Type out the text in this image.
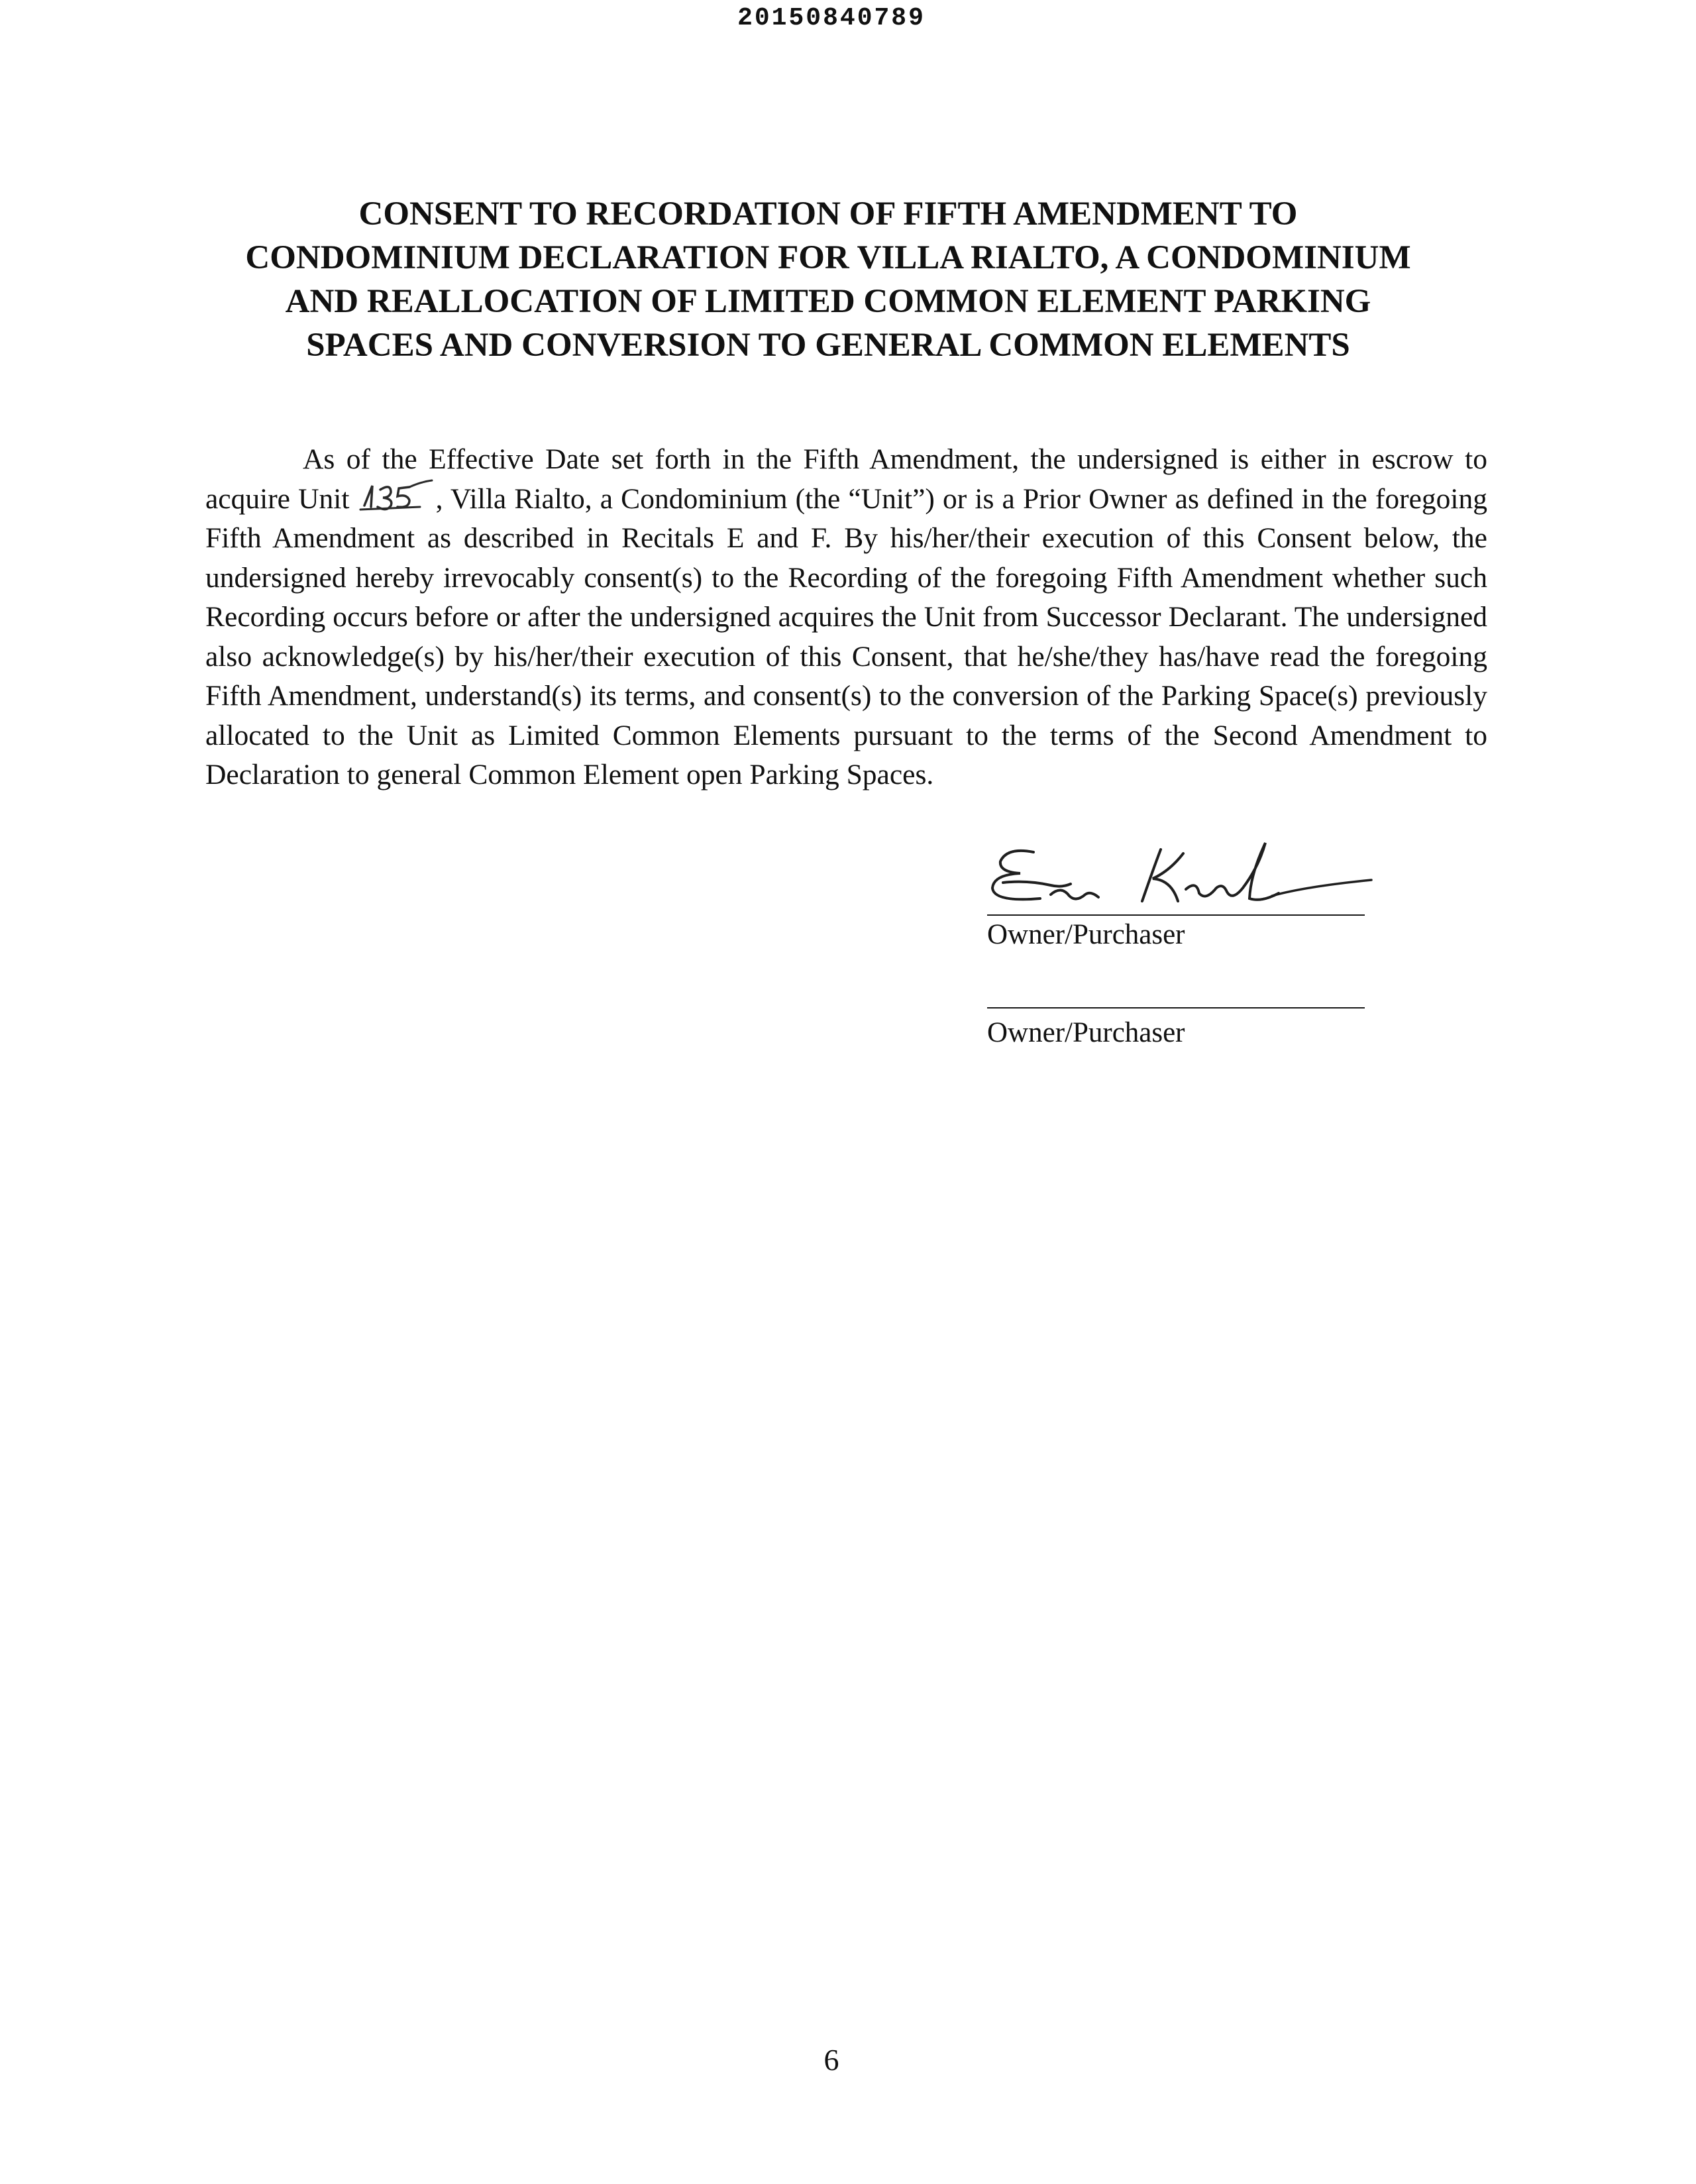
20150840789
CONSENT TO RECORDATION OF FIFTH AMENDMENT TO
CONDOMINIUM DECLARATION FOR VILLA RIALTO, A CONDOMINIUM
AND REALLOCATION OF LIMITED COMMON ELEMENT PARKING
SPACES AND CONVERSION TO GENERAL COMMON ELEMENTS
As of the Effective Date set forth in the Fifth Amendment, the undersigned is either in escrow to acquire Unit	, Villa Rialto, a Condominium (the “Unit”) or is a Prior Owner as defined in the foregoing Fifth Amendment as described in Recitals E and F. By his/her/their execution of this Consent below, the undersigned hereby irrevocably consent(s) to the Recording of the foregoing Fifth Amendment whether such Recording occurs before or after the undersigned acquires the Unit from Successor Declarant. The undersigned also acknowledge(s) by his/her/their execution of this Consent, that he/she/they has/have read the foregoing Fifth Amendment, understand(s) its terms, and consent(s) to the conversion of the Parking Space(s) previously allocated to the Unit as Limited Common Elements pursuant to the terms of the Second Amendment to Declaration to general Common Element open Parking Spaces.
Owner/Purchaser
Owner/Purchaser
6
